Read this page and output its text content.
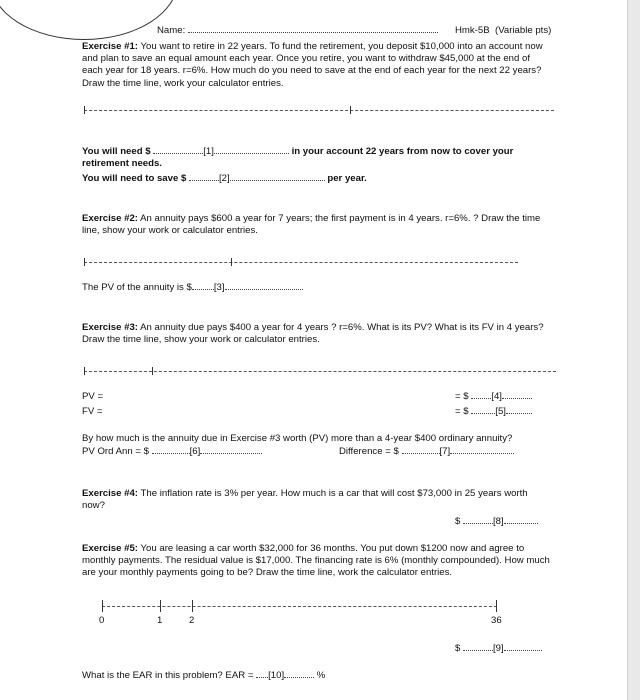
Name:	Hmk-5B (Variable pts)
Exercise #1: You want to retire in 22 years. To fund the retirement, you deposit $10,000 into an account now and plan to save an equal amount each year. Once you retire, you want to withdraw $45,000 at the end of each year for 18 years. r=6%. How much do you need to save at the end of each year for the next 22 years? Draw the time line, work your calculator entries.
You will need $	[1]	in your account 22 years from now to cover your
retirement needs.
You will need to save $	[2]	per year.
Exercise #2: An annuity pays $600 a year for 7 years; the first payment is in 4 years. r=6%. ? Draw the time line, show your work or calculator entries.
The PV of the annuity is $ [3]
Exercise #3: An annuity due pays $400 a year for 4 years ? r=6%. What is its PV? What is its FV in 4 years? Draw the time line, show your work or calculator entries.
PV =	= $ [4]
FV =	= $	[5]
By how much is the annuity due in Exercise #3 worth (PV) more than a 4-year $400 ordinary annuity?
PV Ord Ann = $	[6]	Difference = $	[7]
Exercise #4: The inflation rate is 3% per year. How much is a car that will cost $73,000 in 25 years worth now?
$	[8]
Exercise #5: You are leasing a car worth $32,000 for 36 months. You put down $1200 now and agree to monthly payments. The residual value is $17,000. The financing rate is 6% (monthly compounded). How much are your monthly payments going to be? Draw the time line, work the calculator entries.
0	1	2	36
$	[9]
What is the EAR in this problem? EAR = [10]	%
